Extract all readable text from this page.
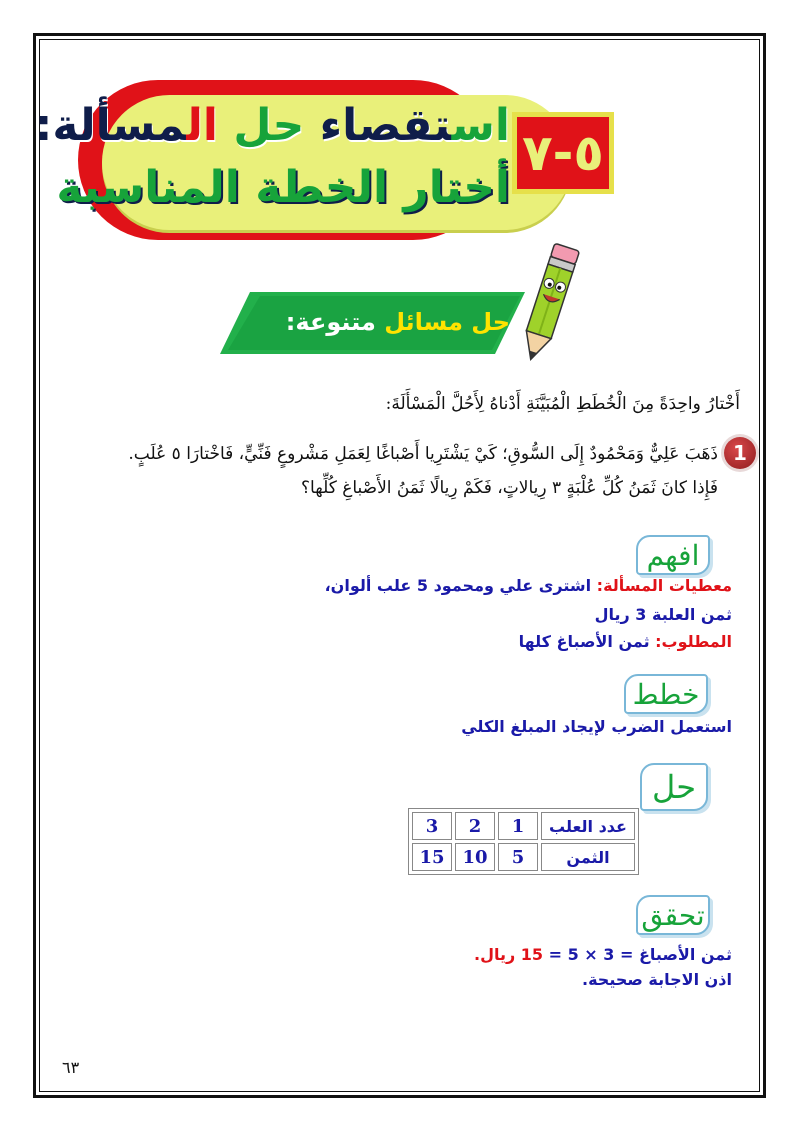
استقصاء حل المسألة:
أختار الخطة المناسبة
٥-٧
حل مسائل متنوعة:
أَخْتارُ واحِدَةً مِنَ الْخُطَطِ الْمُبَيَّنَةِ أَدْناهُ لِأَحُلَّ الْمَسْأَلَةَ:
1
ذَهَبَ عَلِيٌّ وَمَحْمُودٌ إِلَى السُّوقِ؛ كَيْ يَشْتَرِيا أَصْباغًا لِعَمَلِ مَشْروعٍ فَنِّيٍّ، فَاخْتارَا ٥ عُلَبٍ.
فَإِذا كانَ ثَمَنُ كُلِّ عُلْبَةٍ ٣ رِيالاتٍ، فَكَمْ رِيالًا ثَمَنُ الأَصْباغِ كُلِّها؟
افهم
معطيات المسألة: اشترى علي ومحمود 5 علب ألوان،
ثمن العلبة 3 ريال
المطلوب: ثمن الأصباغ كلها
خطط
استعمل الضرب لإيجاد المبلغ الكلي
حل
عدد العلب	1	2	3
الثمن	5	10	15
تحقق
ثمن الأصباغ = 3 × 5 = 15 ريال.
اذن الاجابة صحيحة.
٦٣
